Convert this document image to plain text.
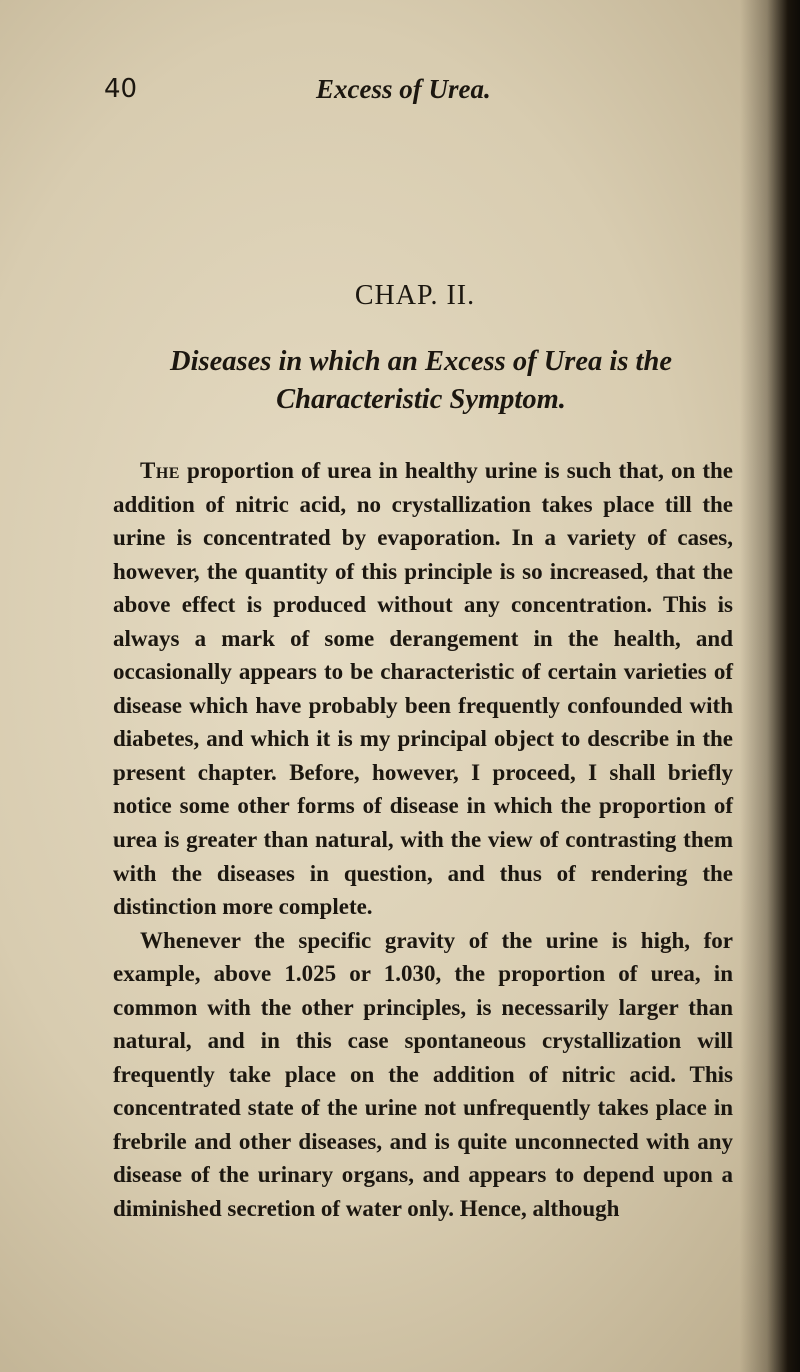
40	Excess of Urea.
CHAP. II.
Diseases in which an Excess of Urea is the Characteristic Symptom.

The proportion of urea in healthy urine is such that, on the addition of nitric acid, no crystallization takes place till the urine is concentrated by evaporation. In a variety of cases, however, the quantity of this principle is so increased, that the above effect is produced without any concentration. This is always a mark of some derangement in the health, and occasionally appears to be characteristic of certain varieties of disease which have probably been frequently confounded with diabetes, and which it is my principal object to describe in the present chapter. Before, however, I proceed, I shall briefly notice some other forms of disease in which the proportion of urea is greater than natural, with the view of contrasting them with the diseases in question, and thus of rendering the distinction more complete.

Whenever the specific gravity of the urine is high, for example, above 1.025 or 1.030, the proportion of urea, in common with the other principles, is necessarily larger than natural, and in this case spontaneous crystallization will frequently take place on the addition of nitric acid. This concentrated state of the urine not unfrequently takes place in frebrile and other diseases, and is quite unconnected with any disease of the urinary organs, and appears to depend upon a diminished secretion of water only. Hence, although
